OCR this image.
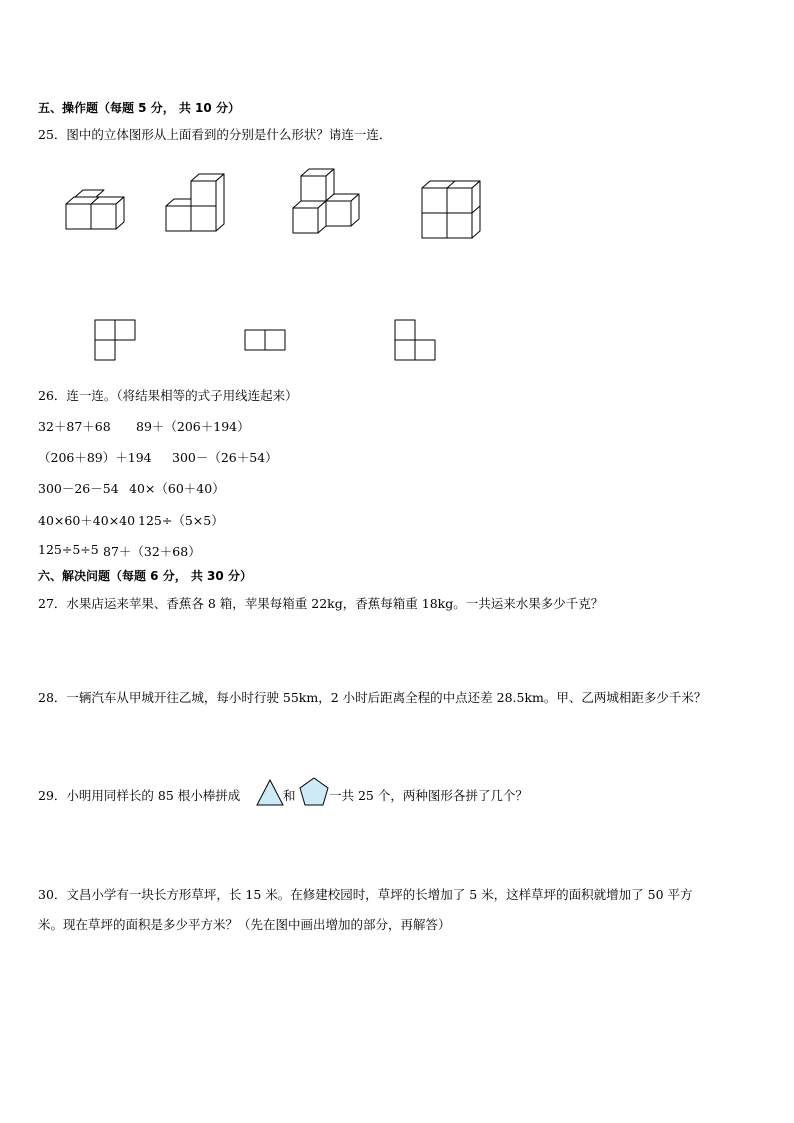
五、操作题（每题 5 分， 共 10 分）
25．图中的立体图形从上面看到的分别是什么形状？请连一连．
26．连一连。（将结果相等的式子用线连起来）
32＋87＋68 89＋（206＋194）
（206＋89）＋194 300－（26＋54）
300－26－54 40×（60＋40）
40×60＋40×40 125÷（5×5）
125÷5÷5 87＋（32＋68）
六、解决问题（每题 6 分， 共 30 分）
27．水果店运来苹果、香蕉各 8 箱，苹果每箱重 22kg，香蕉每箱重 18kg。一共运来水果多少千克？
28．一辆汽车从甲城开往乙城，每小时行驶 55km，2 小时后距离全程的中点还差 28.5km。甲、乙两城相距多少千米？
29．小明用同样长的 85 根小棒拼成	和	一共 25 个，两种图形各拼了几个？
30．文昌小学有一块长方形草坪，长 15 米。在修建校园时，草坪的长增加了 5 米，这样草坪的面积就增加了 50 平方
米。现在草坪的面积是多少平方米？（先在图中画出增加的部分，再解答）
